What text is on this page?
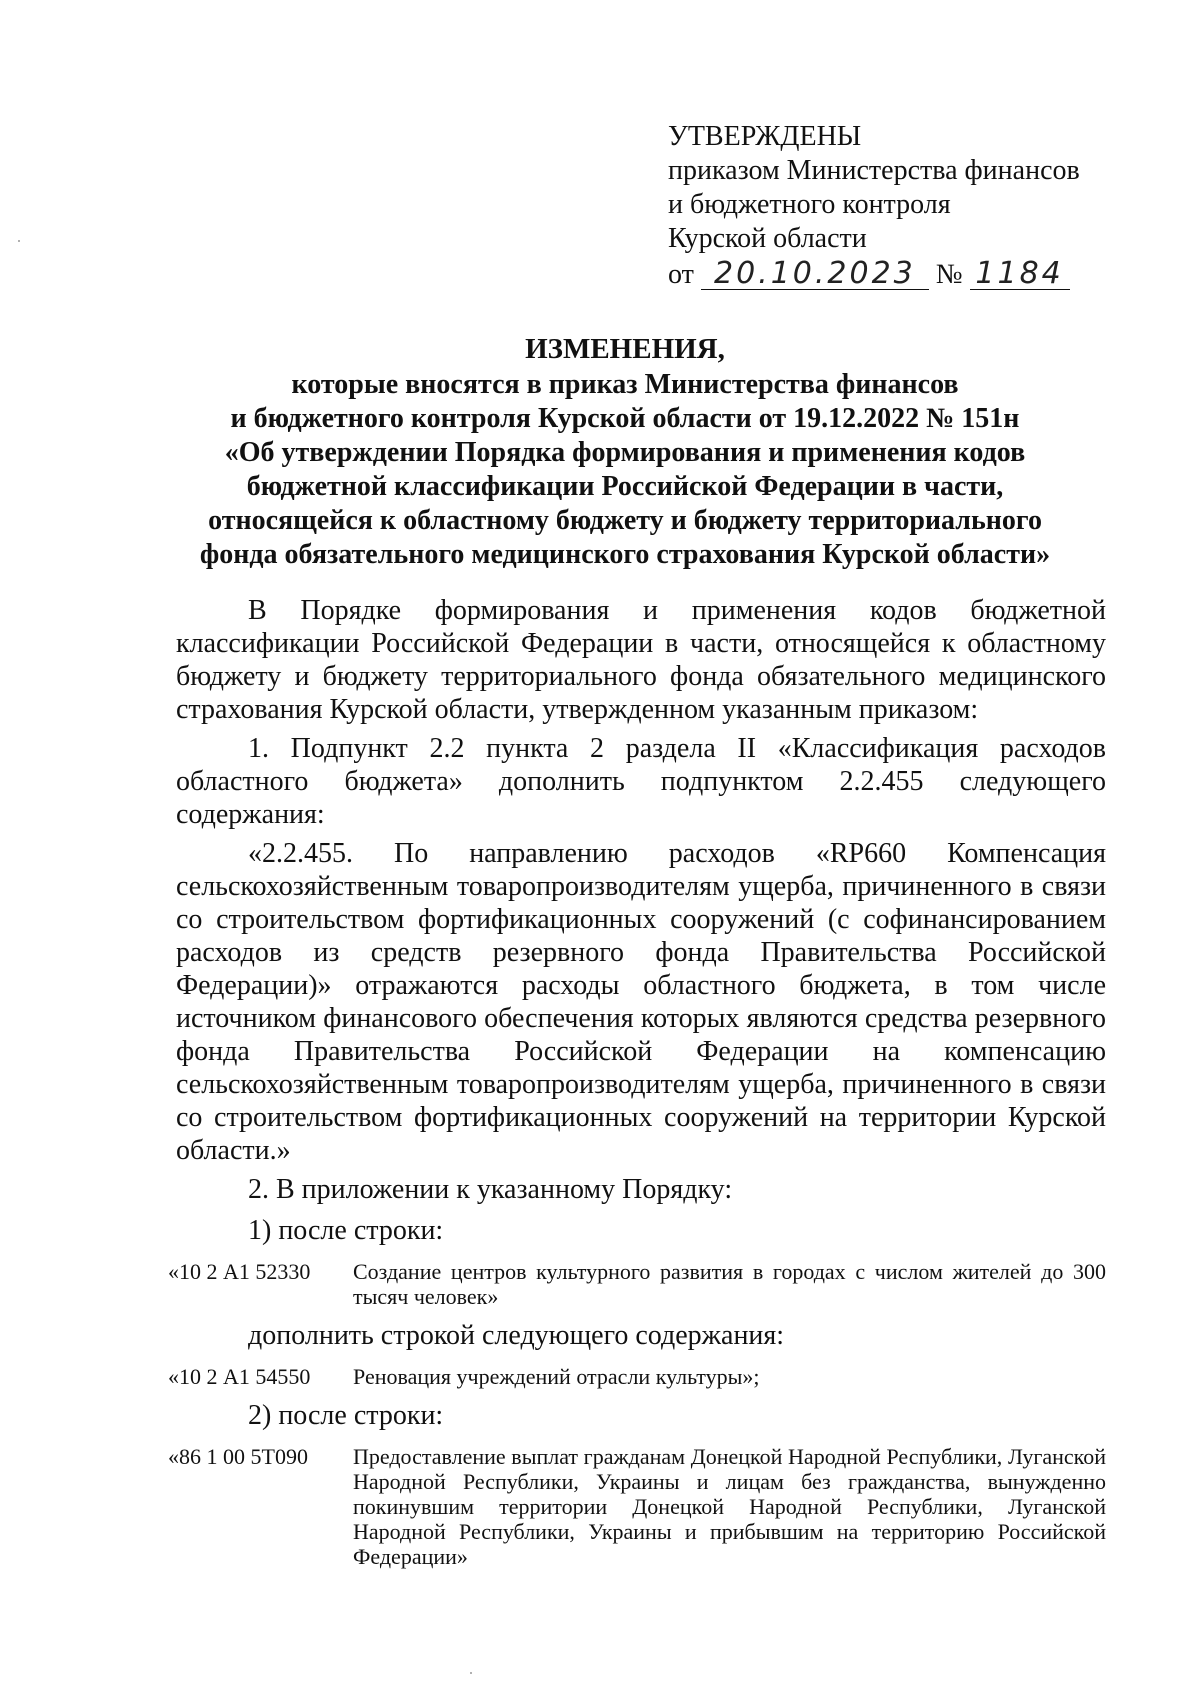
УТВЕРЖДЕНЫ
приказом Министерства финансов
и бюджетного контроля
Курской области
от 20.10.2023 № 1184
ИЗМЕНЕНИЯ,
которые вносятся в приказ Министерства финансов
и бюджетного контроля Курской области от 19.12.2022 № 151н
«Об утверждении Порядка формирования и применения кодов
бюджетной классификации Российской Федерации в части,
относящейся к областному бюджету и бюджету территориального
фонда обязательного медицинского страхования Курской области»

В Порядке формирования и применения кодов бюджетной классификации Российской Федерации в части, относящейся к областному бюджету и бюджету территориального фонда обязательного медицинского страхования Курской области, утвержденном указанным приказом:

1. Подпункт 2.2 пункта 2 раздела II «Классификация расходов областного бюджета» дополнить подпунктом 2.2.455 следующего содержания:

«2.2.455. По направлению расходов «RP660 Компенсация сельскохозяйственным товаропроизводителям ущерба, причиненного в связи со строительством фортификационных сооружений (с софинансированием расходов из средств резервного фонда Правительства Российской Федерации)» отражаются расходы областного бюджета, в том числе источником финансового обеспечения которых являются средства резервного фонда Правительства Российской Федерации на компенсацию сельскохозяйственным товаропроизводителям ущерба, причиненного в связи со строительством фортификационных сооружений на территории Курской области.»

2. В приложении к указанному Порядку:

1) после строки:

«10 2 А1 52330	Создание центров культурного развития в городах с числом жителей до 300 тысяч человек»

дополнить строкой следующего содержания:

«10 2 А1 54550	Реновация учреждений отрасли культуры»;

2) после строки:

«86 1 00 5Т090	Предоставление выплат гражданам Донецкой Народной Республики, Луганской Народной Республики, Украины и лицам без гражданства, вынужденно покинувшим территории Донецкой Народной Республики, Луганской Народной Республики, Украины и прибывшим на территорию Российской Федерации»
